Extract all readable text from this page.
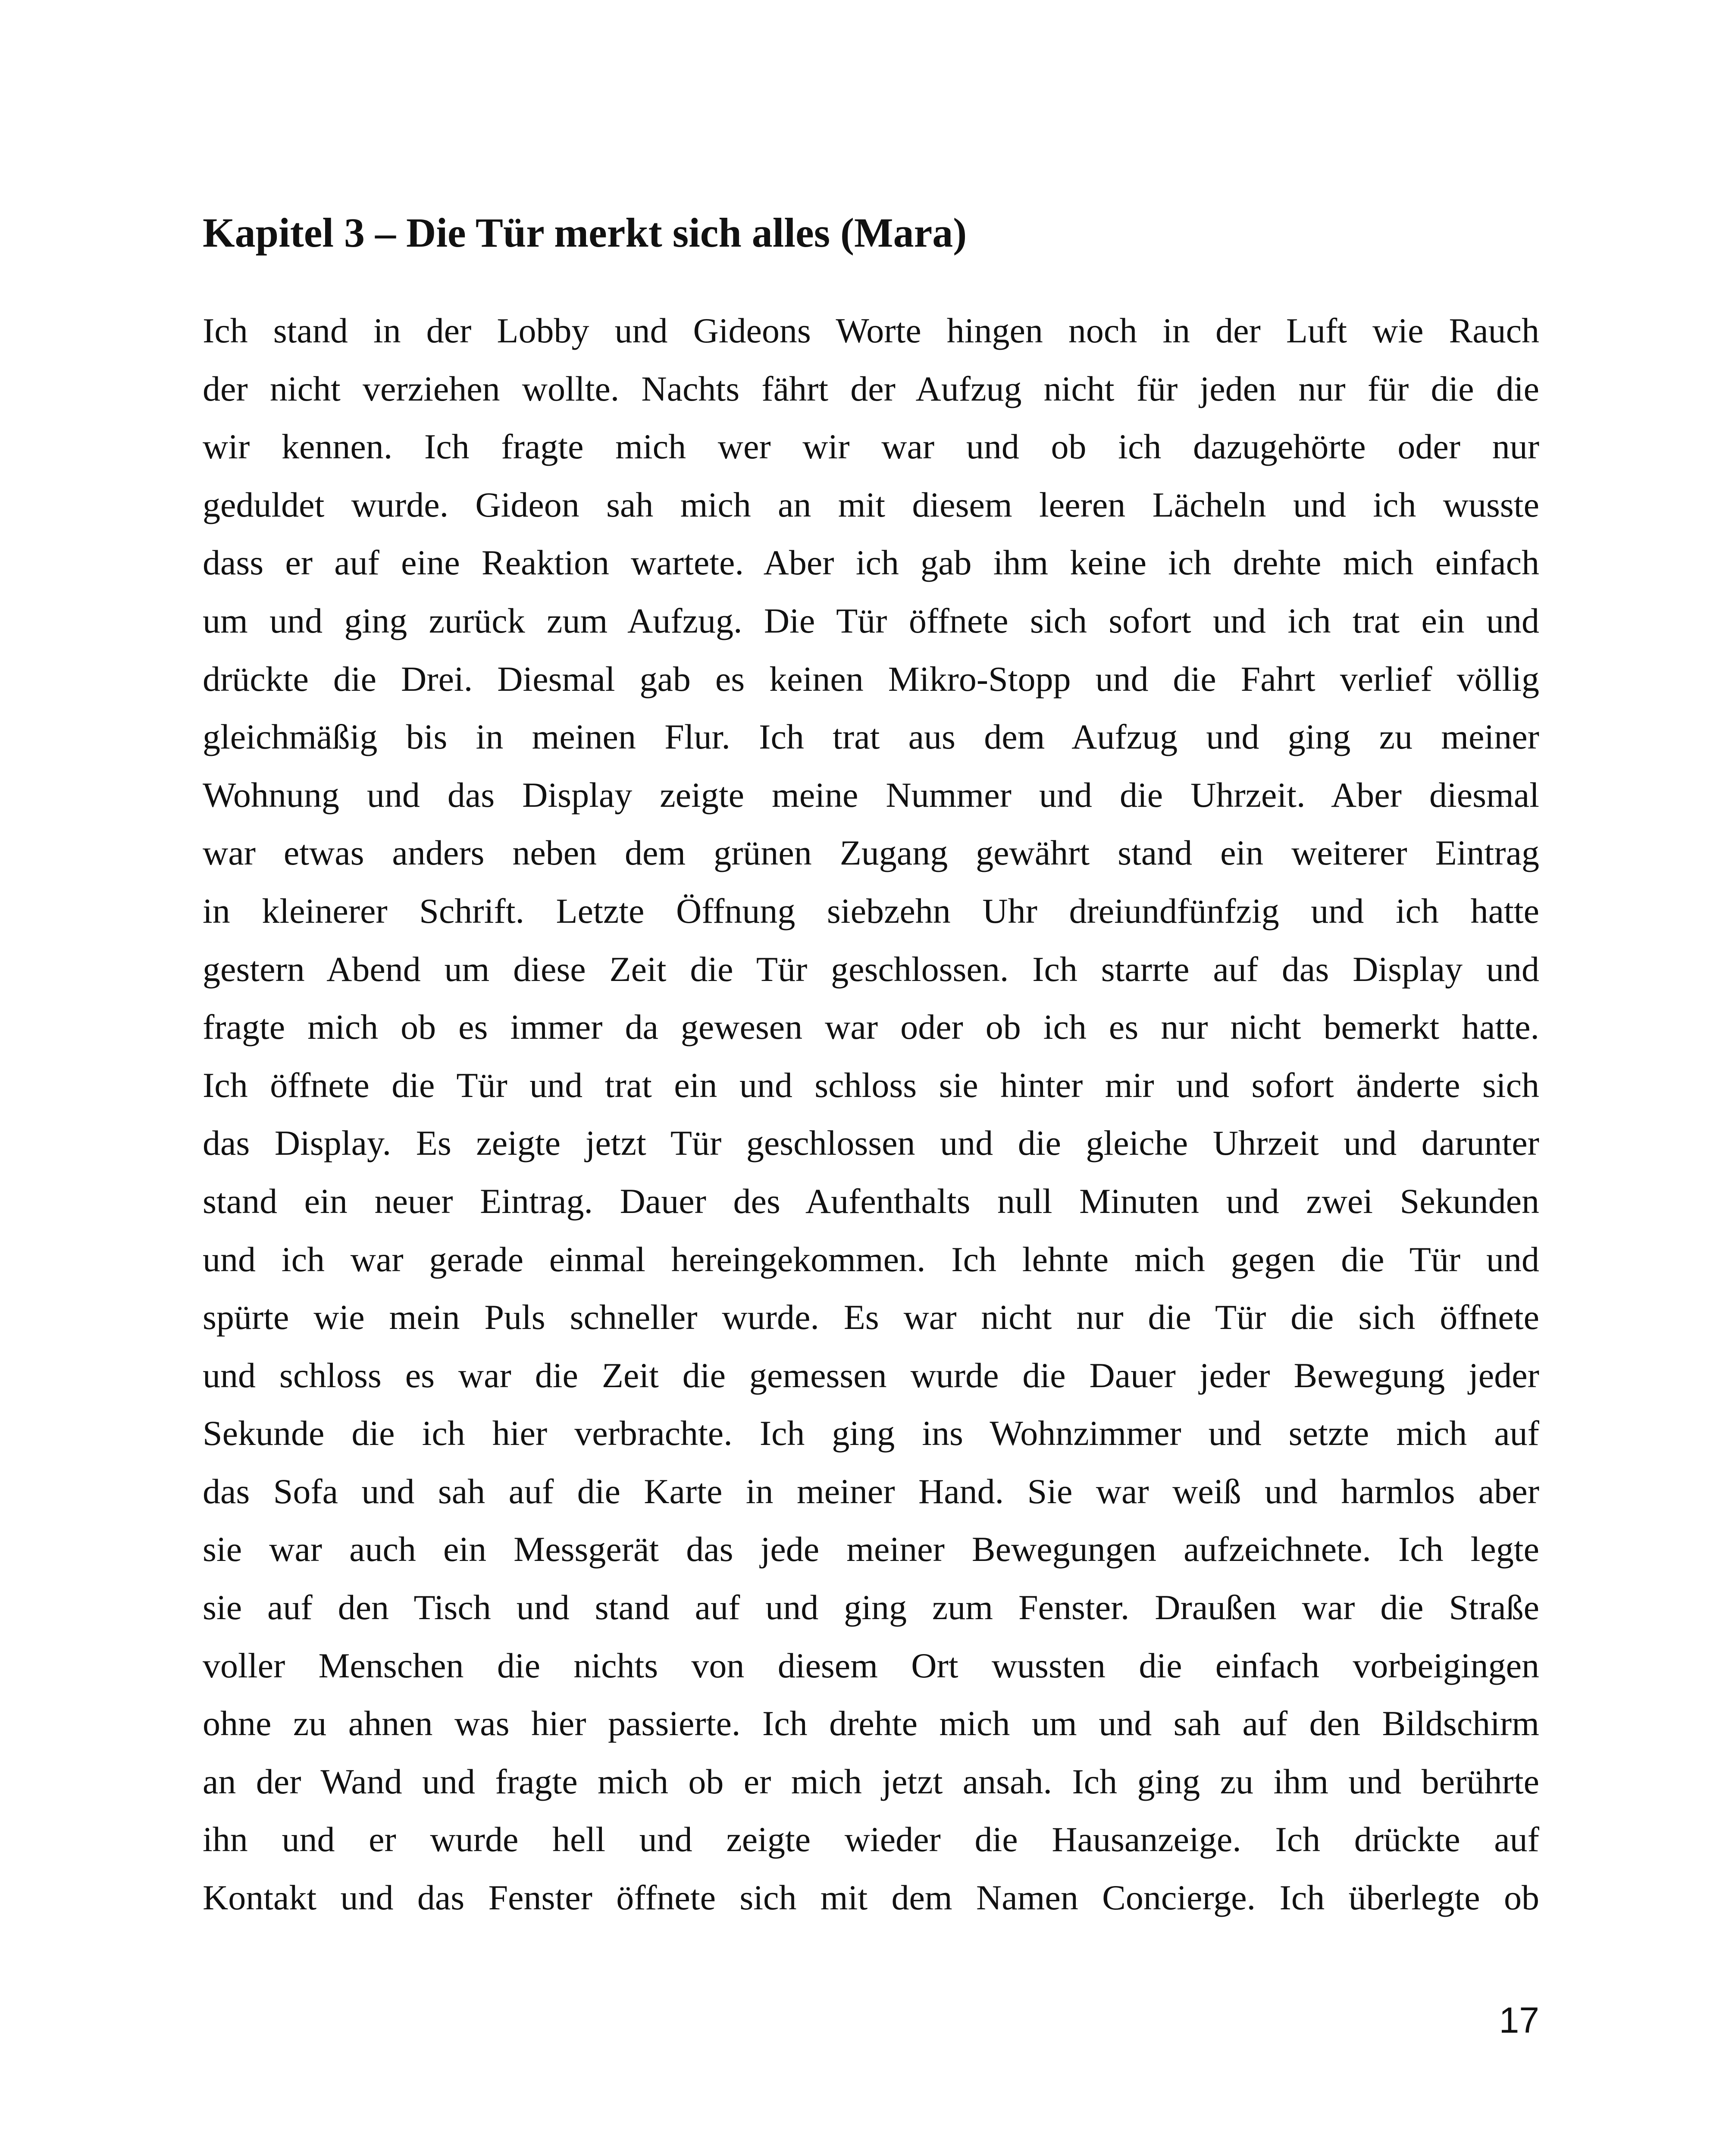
Kapitel 3 – Die Tür merkt sich alles (Mara)
Ich stand in der Lobby und Gideons Worte hingen noch in der Luft wie Rauch
der nicht verziehen wollte. Nachts fährt der Aufzug nicht für jeden nur für die die
wir kennen. Ich fragte mich wer wir war und ob ich dazugehörte oder nur
geduldet wurde. Gideon sah mich an mit diesem leeren Lächeln und ich wusste
dass er auf eine Reaktion wartete. Aber ich gab ihm keine ich drehte mich einfach
um und ging zurück zum Aufzug. Die Tür öffnete sich sofort und ich trat ein und
drückte die Drei. Diesmal gab es keinen Mikro-Stopp und die Fahrt verlief völlig
gleichmäßig bis in meinen Flur. Ich trat aus dem Aufzug und ging zu meiner
Wohnung und das Display zeigte meine Nummer und die Uhrzeit. Aber diesmal
war etwas anders neben dem grünen Zugang gewährt stand ein weiterer Eintrag
in kleinerer Schrift. Letzte Öffnung siebzehn Uhr dreiundfünfzig und ich hatte
gestern Abend um diese Zeit die Tür geschlossen. Ich starrte auf das Display und
fragte mich ob es immer da gewesen war oder ob ich es nur nicht bemerkt hatte.
Ich öffnete die Tür und trat ein und schloss sie hinter mir und sofort änderte sich
das Display. Es zeigte jetzt Tür geschlossen und die gleiche Uhrzeit und darunter
stand ein neuer Eintrag. Dauer des Aufenthalts null Minuten und zwei Sekunden
und ich war gerade einmal hereingekommen. Ich lehnte mich gegen die Tür und
spürte wie mein Puls schneller wurde. Es war nicht nur die Tür die sich öffnete
und schloss es war die Zeit die gemessen wurde die Dauer jeder Bewegung jeder
Sekunde die ich hier verbrachte. Ich ging ins Wohnzimmer und setzte mich auf
das Sofa und sah auf die Karte in meiner Hand. Sie war weiß und harmlos aber
sie war auch ein Messgerät das jede meiner Bewegungen aufzeichnete. Ich legte
sie auf den Tisch und stand auf und ging zum Fenster. Draußen war die Straße
voller Menschen die nichts von diesem Ort wussten die einfach vorbeigingen
ohne zu ahnen was hier passierte. Ich drehte mich um und sah auf den Bildschirm
an der Wand und fragte mich ob er mich jetzt ansah. Ich ging zu ihm und berührte
ihn und er wurde hell und zeigte wieder die Hausanzeige. Ich drückte auf
Kontakt und das Fenster öffnete sich mit dem Namen Concierge. Ich überlegte ob
17
